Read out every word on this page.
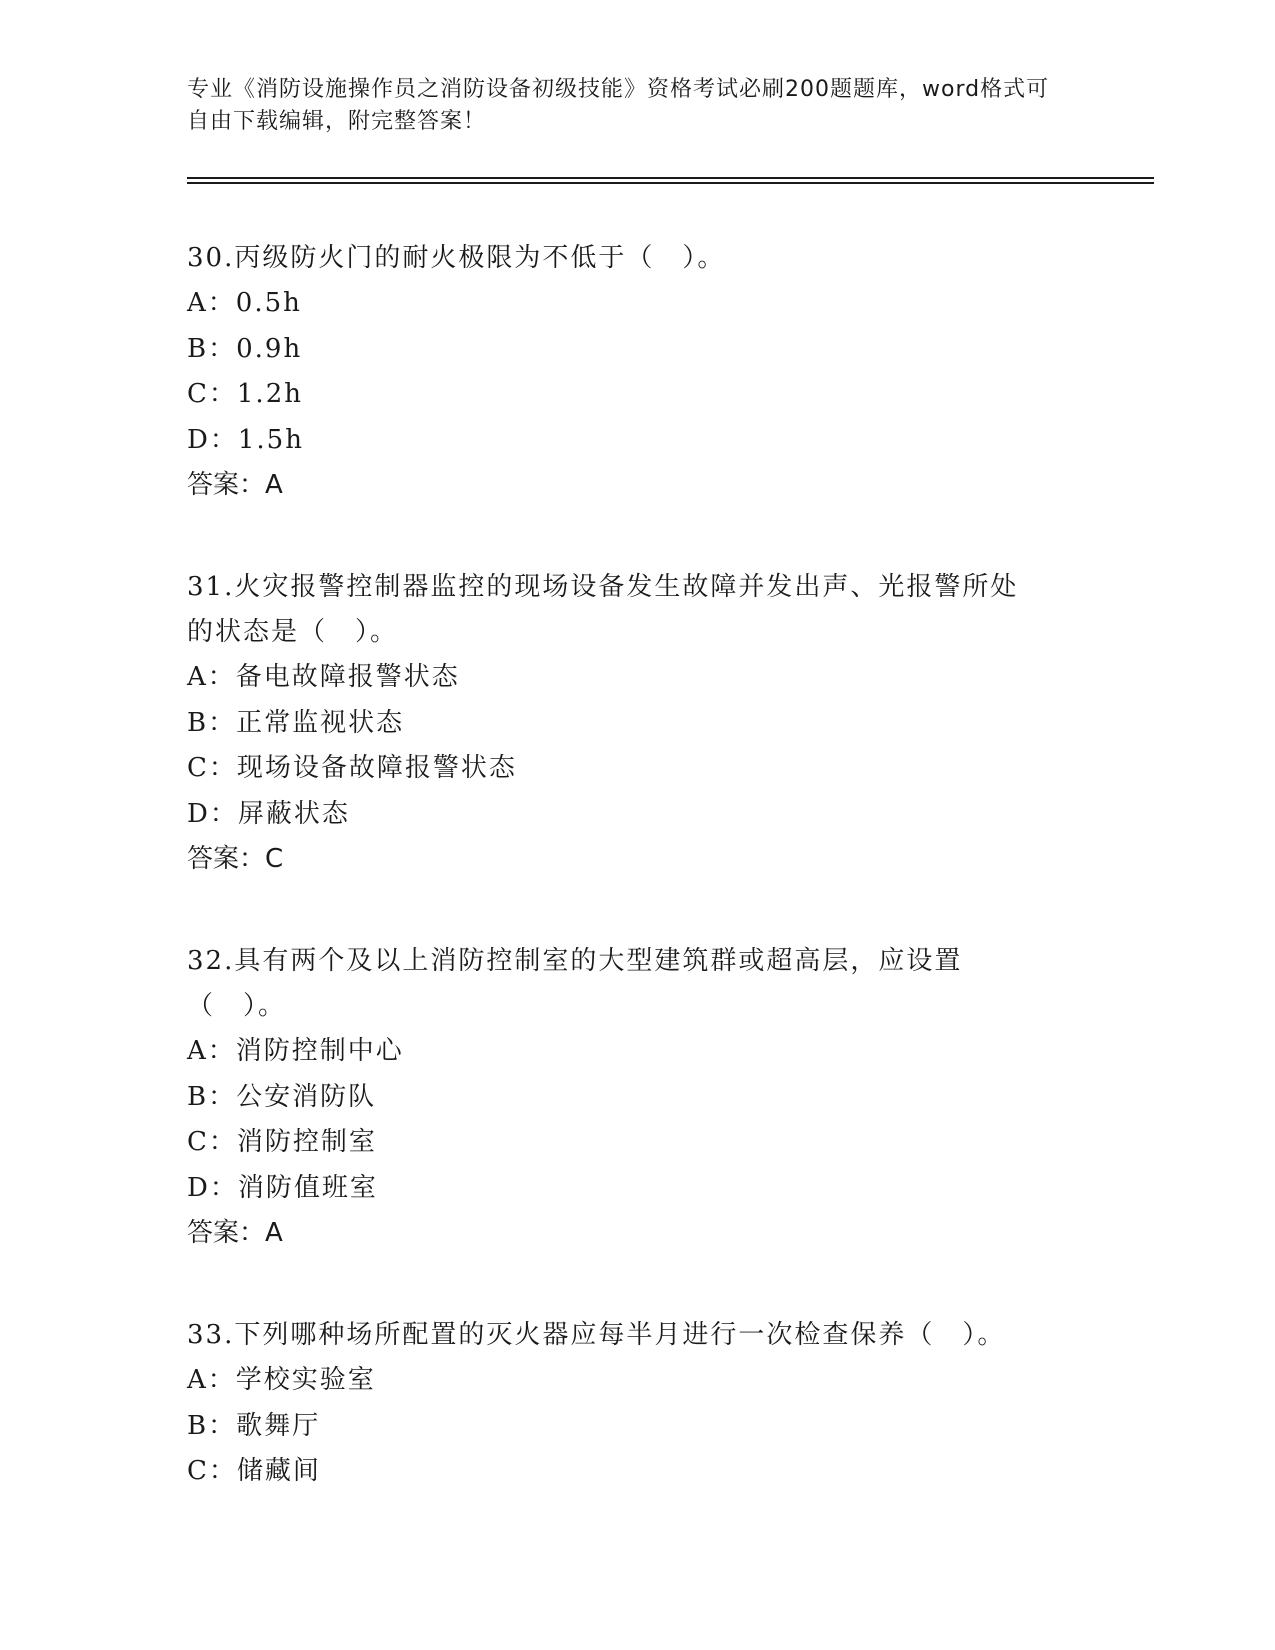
专业《消防设施操作员之消防设备初级技能》资格考试必刷200题题库，word格式可自由下载编辑，附完整答案！

30.丙级防火门的耐火极限为不低于（　）。

A：0.5h

B：0.9h

C：1.2h

D：1.5h

答案：A

31.火灾报警控制器监控的现场设备发生故障并发出声、光报警所处的状态是（　）。

A：备电故障报警状态

B：正常监视状态

C：现场设备故障报警状态

D：屏蔽状态

答案：C

32.具有两个及以上消防控制室的大型建筑群或超高层，应设置（　）。

A：消防控制中心

B：公安消防队

C：消防控制室

D：消防值班室

答案：A

33.下列哪种场所配置的灭火器应每半月进行一次检查保养（　）。

A：学校实验室

B：歌舞厅

C：储藏间
